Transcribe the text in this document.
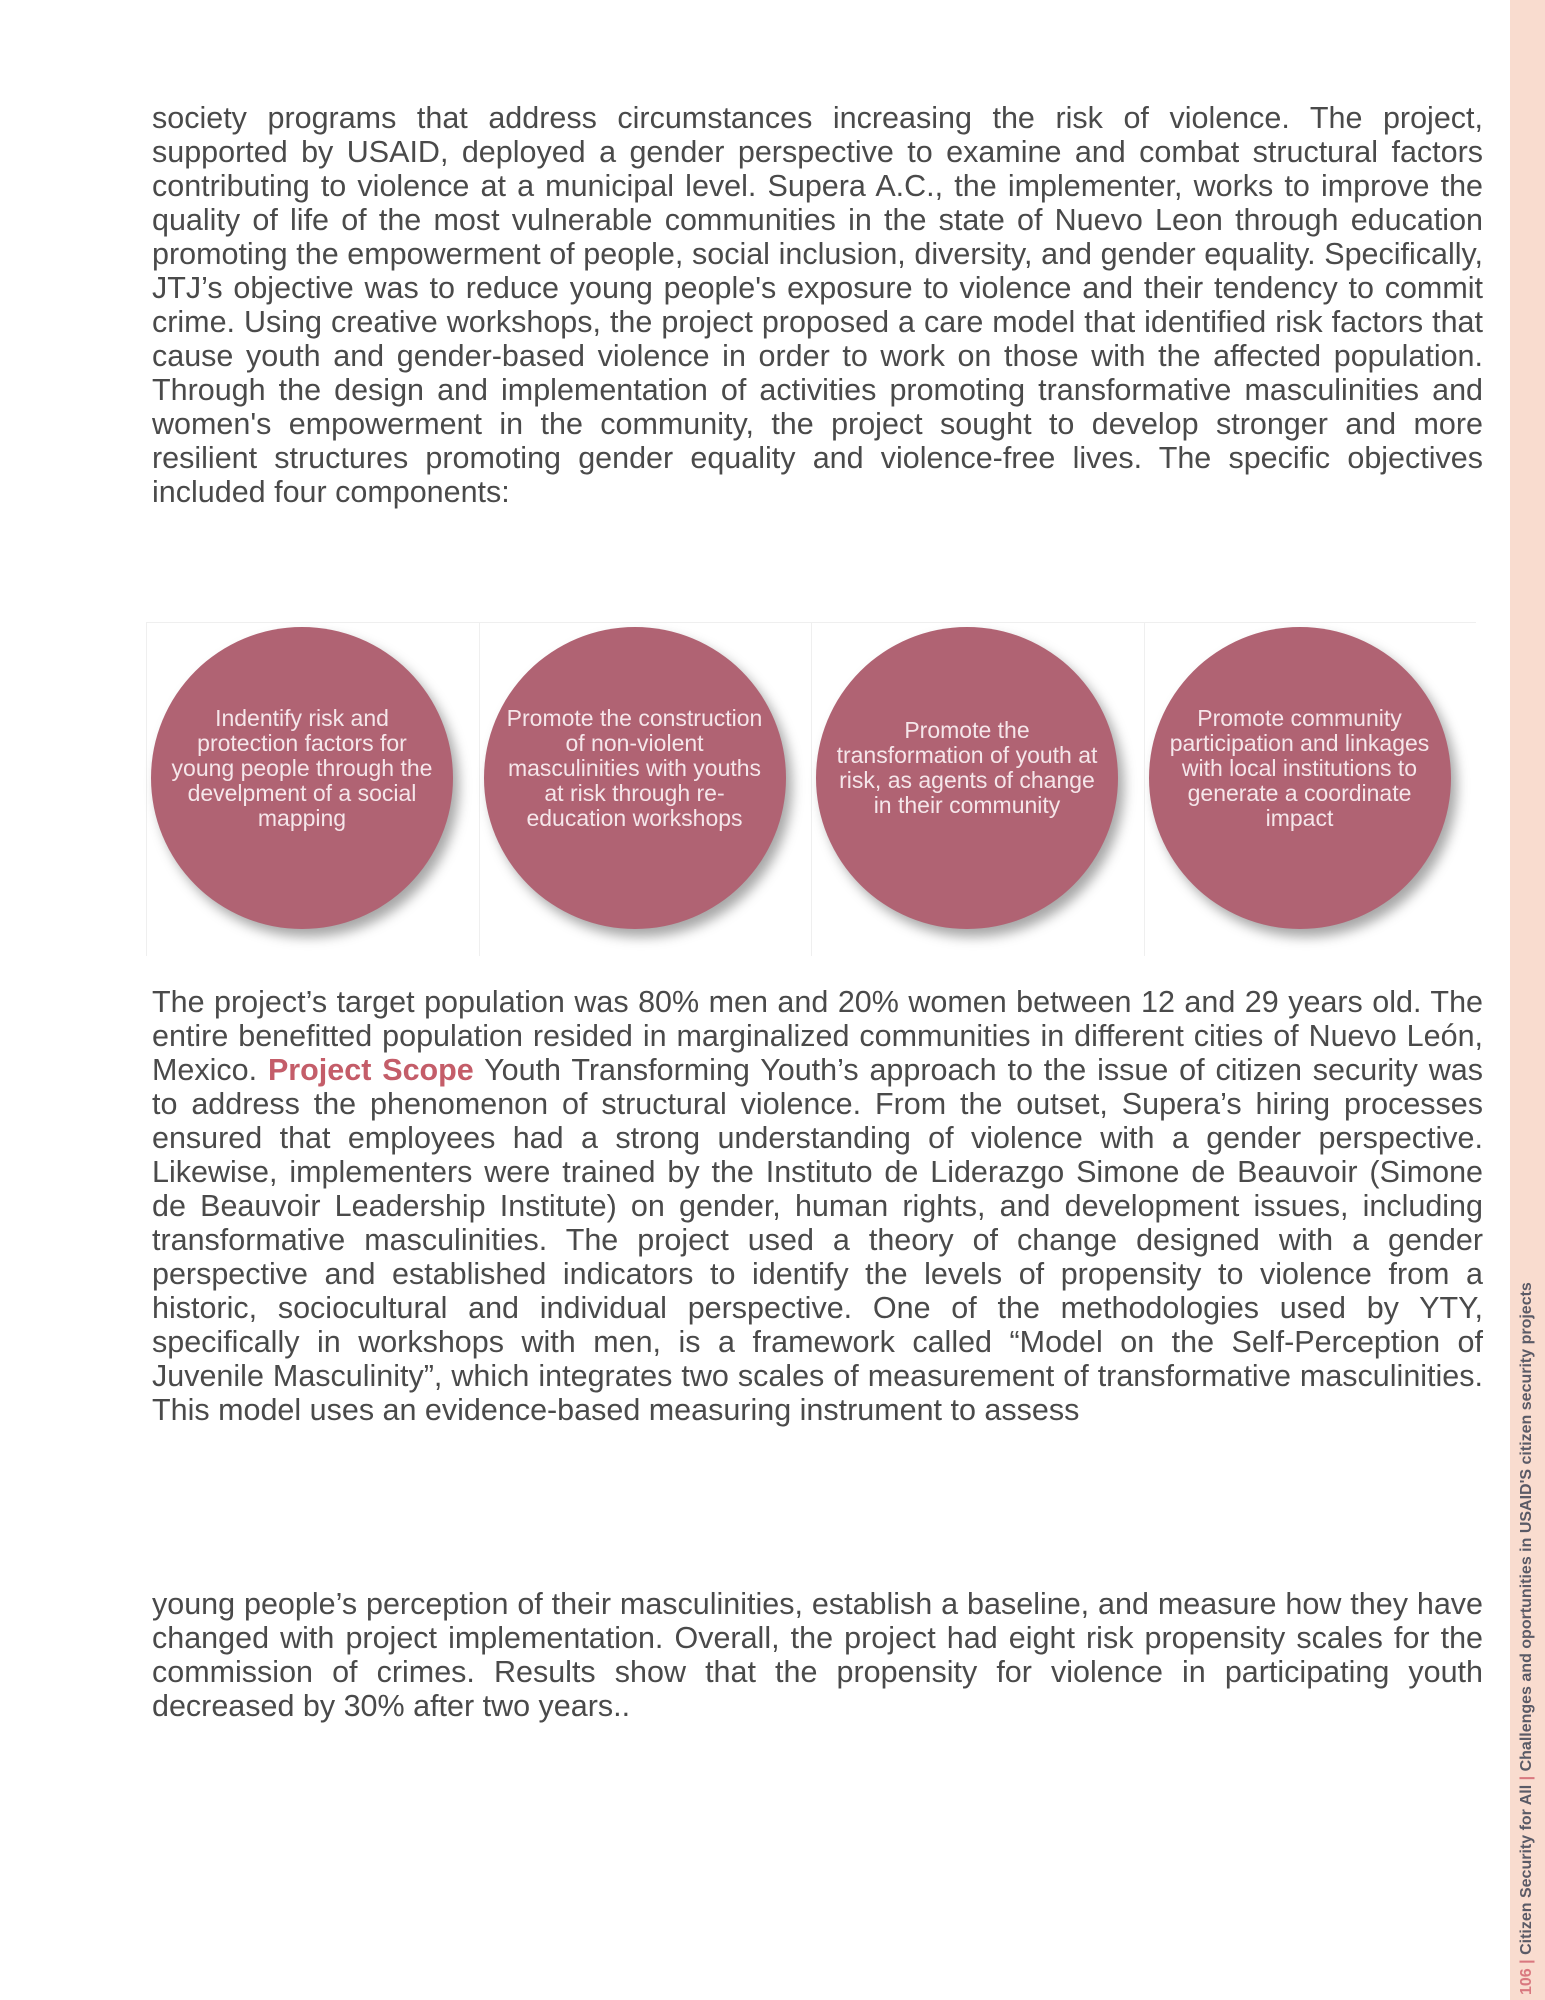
society programs that address circumstances increasing the risk of violence. The project, supported by USAID, deployed a gender perspective to examine and combat structural factors contributing to violence at a municipal level. Supera A.C., the implementer, works to improve the quality of life of the most vulnerable communities in the state of Nuevo Leon through education promoting the empowerment of people, social inclusion, diversity, and gender equality. Specifically, JTJ’s objective was to reduce young people's exposure to violence and their tendency to commit crime. Using creative workshops, the project proposed a care model that identified risk factors that cause youth and gender-based violence in order to work on those with the affected population. Through the design and implementation of activities promoting transformative masculinities and women's empowerment in the community, the project sought to develop stronger and more resilient structures promoting gender equality and violence-free lives. The specific objectives included four components:

Indentify risk and protection factors for young people through the develpment of a social mapping
Promote the construction of non-violent masculinities with youths at risk through re-education workshops
Promote the transformation of youth at risk, as agents of change in their community
Promote community participation and linkages with local institutions to generate a coordinate impact

The project’s target population was 80% men and 20% women between 12 and 29 years old. The entire benefitted population resided in marginalized communities in different cities of Nuevo León, Mexico. Project Scope Youth Transforming Youth’s approach to the issue of citizen security was to address the phenomenon of structural violence. From the outset, Supera’s hiring processes ensured that employees had a strong understanding of violence with a gender perspective. Likewise, implementers were trained by the Instituto de Liderazgo Simone de Beauvoir (Simone de Beauvoir Leadership Institute) on gender, human rights, and development issues, including transformative masculinities. The project used a theory of change designed with a gender perspective and established indicators to identify the levels of propensity to violence from a historic, sociocultural and individual perspective. One of the methodologies used by YTY, specifically in workshops with men, is a framework called “Model on the Self-Perception of Juvenile Masculinity”, which integrates two scales of measurement of transformative masculinities. This model uses an evidence-based measuring instrument to assess

young people’s perception of their masculinities, establish a baseline, and measure how they have changed with project implementation. Overall, the project had eight risk propensity scales for the commission of crimes. Results show that the propensity for violence in participating youth decreased by 30% after two years..

106 | Citizen Security for All | Challenges and oportunities in USAID'S citizen security projects
